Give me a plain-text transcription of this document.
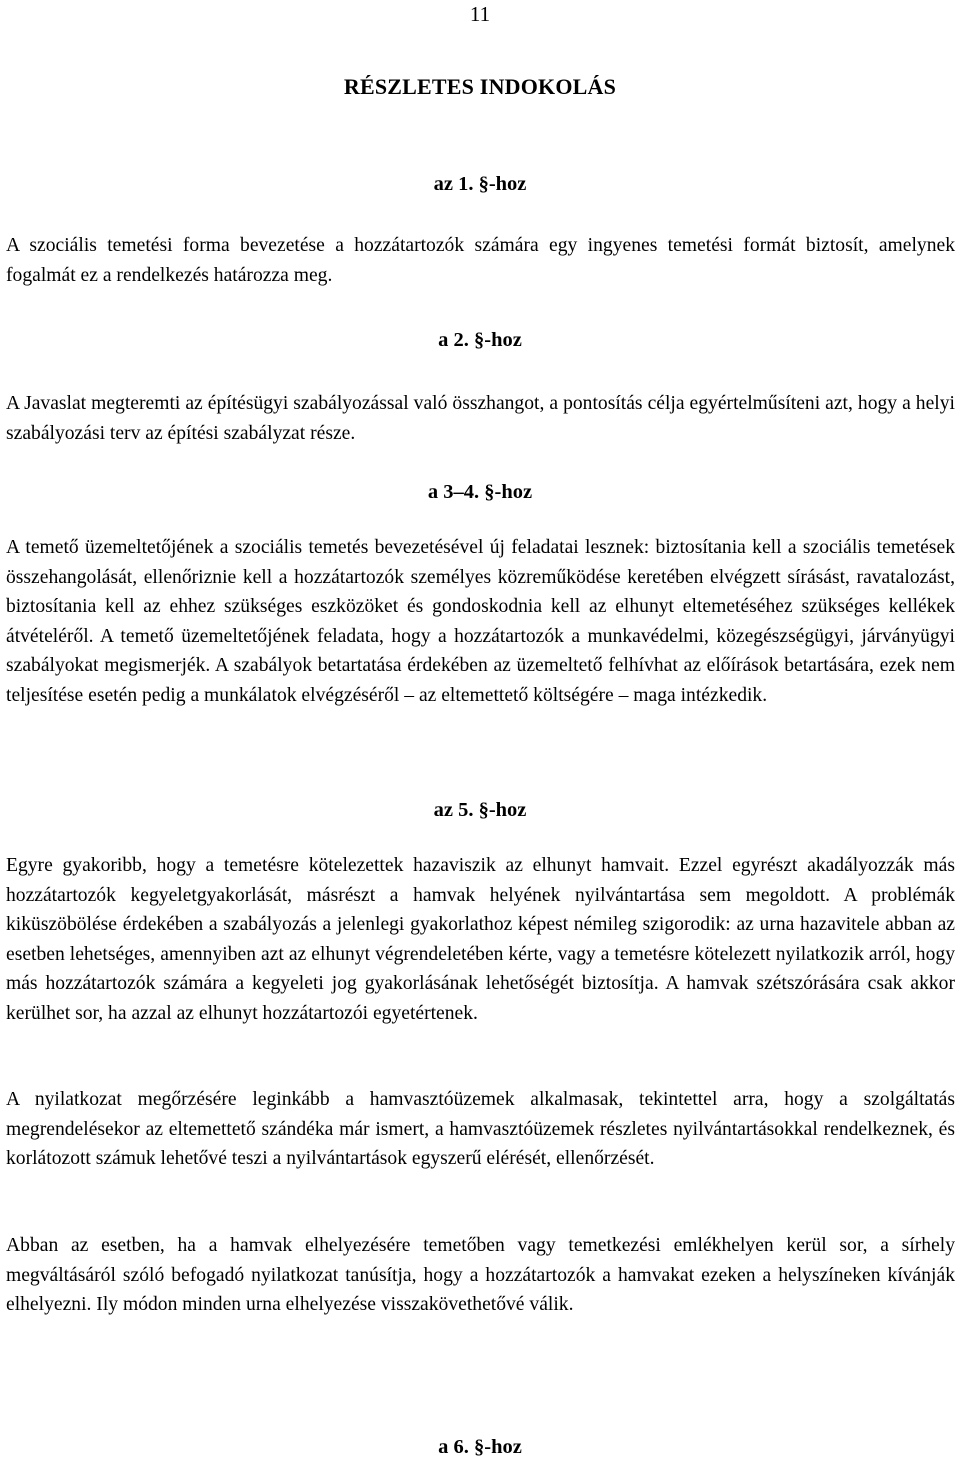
11
RÉSZLETES INDOKOLÁS
az 1. §-hoz

A szociális temetési forma bevezetése a hozzátartozók számára egy ingyenes temetési formát biztosít, amelynek fogalmát ez a rendelkezés határozza meg.

a 2. §-hoz

A Javaslat megteremti az építésügyi szabályozással való összhangot, a pontosítás célja egyértelműsíteni azt, hogy a helyi szabályozási terv az építési szabályzat része.

a 3–4. §-hoz

A temető üzemeltetőjének a szociális temetés bevezetésével új feladatai lesznek: biztosítania kell a szociális temetések összehangolását, ellenőriznie kell a hozzátartozók személyes közreműködése keretében elvégzett sírásást, ravatalozást, biztosítania kell az ehhez szükséges eszközöket és gondoskodnia kell az elhunyt eltemetéséhez szükséges kellékek átvételéről. A temető üzemeltetőjének feladata, hogy a hozzátartozók a munkavédelmi, közegészségügyi, járványügyi szabályokat megismerjék. A szabályok betartatása érdekében az üzemeltető felhívhat az előírások betartására, ezek nem teljesítése esetén pedig a munkálatok elvégzéséről – az eltemettető költségére – maga intézkedik.

az 5. §-hoz

Egyre gyakoribb, hogy a temetésre kötelezettek hazaviszik az elhunyt hamvait. Ezzel egyrészt akadályozzák más hozzátartozók kegyeletgyakorlását, másrészt a hamvak helyének nyilvántartása sem megoldott. A problémák kiküszöbölése érdekében a szabályozás a jelenlegi gyakorlathoz képest némileg szigorodik: az urna hazavitele abban az esetben lehetséges, amennyiben azt az elhunyt végrendeletében kérte, vagy a temetésre kötelezett nyilatkozik arról, hogy más hozzátartozók számára a kegyeleti jog gyakorlásának lehetőségét biztosítja. A hamvak szétszórására csak akkor kerülhet sor, ha azzal az elhunyt hozzátartozói egyetértenek.

A nyilatkozat megőrzésére leginkább a hamvasztóüzemek alkalmasak, tekintettel arra, hogy a szolgáltatás megrendelésekor az eltemettető szándéka már ismert, a hamvasztóüzemek részletes nyilvántartásokkal rendelkeznek, és korlátozott számuk lehetővé teszi a nyilvántartások egyszerű elérését, ellenőrzését.

Abban az esetben, ha a hamvak elhelyezésére temetőben vagy temetkezési emlékhelyen kerül sor, a sírhely megváltásáról szóló befogadó nyilatkozat tanúsítja, hogy a hozzátartozók a hamvakat ezeken a helyszíneken kívánják elhelyezni. Ily módon minden urna elhelyezése visszakövethetővé válik.

a 6. §-hoz
